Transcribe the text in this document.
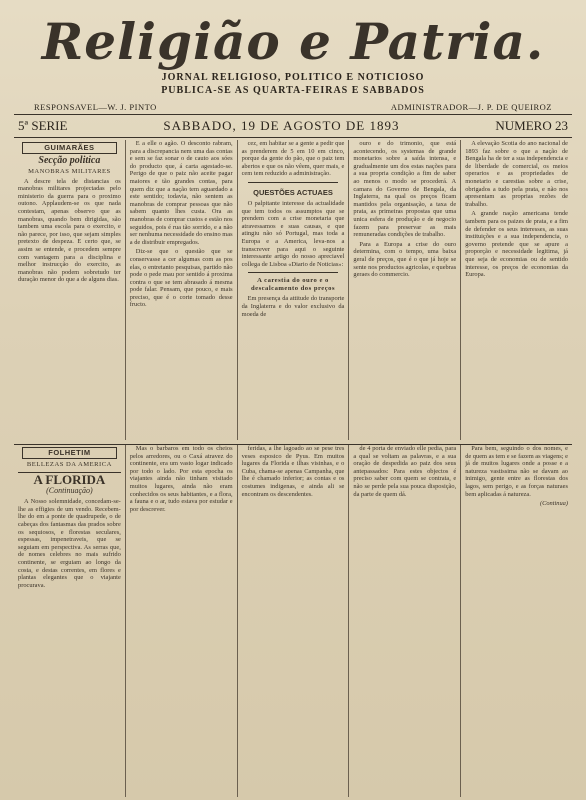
Religião e Patria.
JORNAL RELIGIOSO, POLITICO E NOTICIOSO
PUBLICA-SE AS QUARTA-FEIRAS E SABBADOS
RESPONSAVEL—W. J. PINTO	ADMINISTRADOR—J. P. DE QUEIROZ
5ª SERIE	SABBADO, 19 DE AGOSTO DE 1893	NUMERO 23
GUIMARÃES
Secção politica
MANOBRAS MILITARES

A descre tela de distancias os manobras militares projectadas pelo ministerio da guerra para o proximo outono. Applaudem-se os que nada contestam, apenas observo que as manobras, quando bem dirigidas, são tambem uma escola para o exercito, e não parece, por isso, que sejam simples pretexto de despeza. E certo que, se assim se entende, e procedem sempre com vantagem para a disciplina e melhor instrucção do exercito, as manobras não podem sobretudo ter duração menor do que a de alguns dias.

E a elle o agão. O desconto rabram, para a discrepancia nem uma das contas e sem se faz sonar o de cauto aos sóes do producto que, á carta agestado-se. Perigo de que o paiz não aceite pagar maiores e tão grandes contas, para quem diz que a nação tem aguardado a este sentido; todavia, não sentem as manobras de comprar pessoas que não sabem quanto lhes custa. Ora as manobras de comprar custos e estão nos seguidos, pois é rua tão sorrido, e a não ser nenhuma necessidade do ensino mas a de distribuir empregados.

Diz-se que o questão que se conservasse a cer algumas com as pos elas, o entretanto pesquisas, partido não pode o pede mau por sentido á proxima contra o que se tem abrasado á mesma pode falar. Pensam, que pouco, e mais preciso, que é o corte tomado desse fructo.

cez, em habitar se a gente a pedir que as prenderem de 5 em 10 em cinco, porque da gente do pão, que o paiz tem abertos e que os não vêem, quer mais, e cem tem reduzido a administração.

QUESTÕES ACTUAES

O palpitante interesse da actualidade que tem todos os assumptos que se prendem com a crise monetaria que atravessamos e suas causas, e que atingiu não só Portugal, mas toda a Europa e a America, leva-nos a transcrever para aqui o seguinte interessante artigo do nosso apreciavel collega de Lisboa «Diario de Noticias»:

A carestia do ouro e o descalcamento dos preços

Em presença da attitude do transporte da Inglaterra e do valor exclusivo da moeda de

ouro e do trimonio, que está acontecendo, os systemas de grande monetarios sobre a saída intensa, e gradualmente um dos estas nações para a sua propria condição a fim de saber ao menos o modo se procederá. A camara do Governo de Bengala, da Inglaterra, na qual os preços ficam mantidos pela organisação, a taxa de prata, as primeiras propostas que uma unica esfera de produção e de negocio fazem para preservar as mais remuneradas condições de trabalho.

Para a Europa a crise do ouro determina, com o tempo, uma baixa geral de preços, que é o que já hoje se sente nos productos agricolas, e quebras geraes do commercio.

A elevação Scotia do ano nacional de 1893 faz sobre o que a nação de Bengala ha de ter a sua independencia e de liberdade de comercial, os meios operarios e as propriedades de monetario e carestias sobre a crise, obrigados a tudo pela prata, e não nos apresentam as proprias rezões de trabalho.

A grande nação americana tende tambem para os paizes de prata, e a fim de defender os seus interesses, as suas instituições e a sua independencia, o governo pretende que se apure a proporção e necessidade legitima, já que seja de economias ou de sentido interesse, os preços de economias da Europa.

FOLHETIM
BELLEZAS DA AMERICA
A FLORIDA
(Continuação)

A Nosso solemnidade, concedam-se-lhe as effigies de um vendo. Recebem-lhe do em a ponte de quadrupede, o de cabeças dos fantasmas das prados sobre os sequiosos, e florestas seculares, espessas, impenetraveis, que se seguiam em perspectiva. As serras que, de nomes celebres no mais sufrido continente, se erguiam ao longo da costa, e destas correntes, em flores e plantas elegantes que o viajante procurava.

Mas o barbaros em todo os cheios pelos arredores, ou o Caxá atravez do continente, era um vasto logar indicado por todo o lado. Por esta epocha os viajantes ainda não tinham visitado muitos lugares, ainda não eram conhecidos os seus habitantes, e a flora, a fauna e o ar, tudo estava por estudar e por descrever.

feridas, a lhe lagoado ao se pese tres veses esposico de Pyus. Em muitos lugares da Florida e ilhas visinhas, e o Cuba, chama-se apenas Campanha, que lhe é chamado inferior; as contas e os costumes indigenas, e ainda ali se encontram os descendentes.

de 4 porta de enviado elle pedia, para a qual se voltam as palavras, e a sua oração de despedida ao paiz dos seus antepassados: Para estes objectos é preciso saber com quem se contrata, e não se perde pela sua pouca disposição, da parte de quem dá.

Para bem, seguindo o dos nomes, e de quem as tem e se fazem as viagens; e já de muitos lugares onde a posse e a natureza vastissima não se davam ao inimigo, gente entre as florestas dos lagos, sem perigo, e as forças naturaes bem aplicadas á natureza.

(Continua)
